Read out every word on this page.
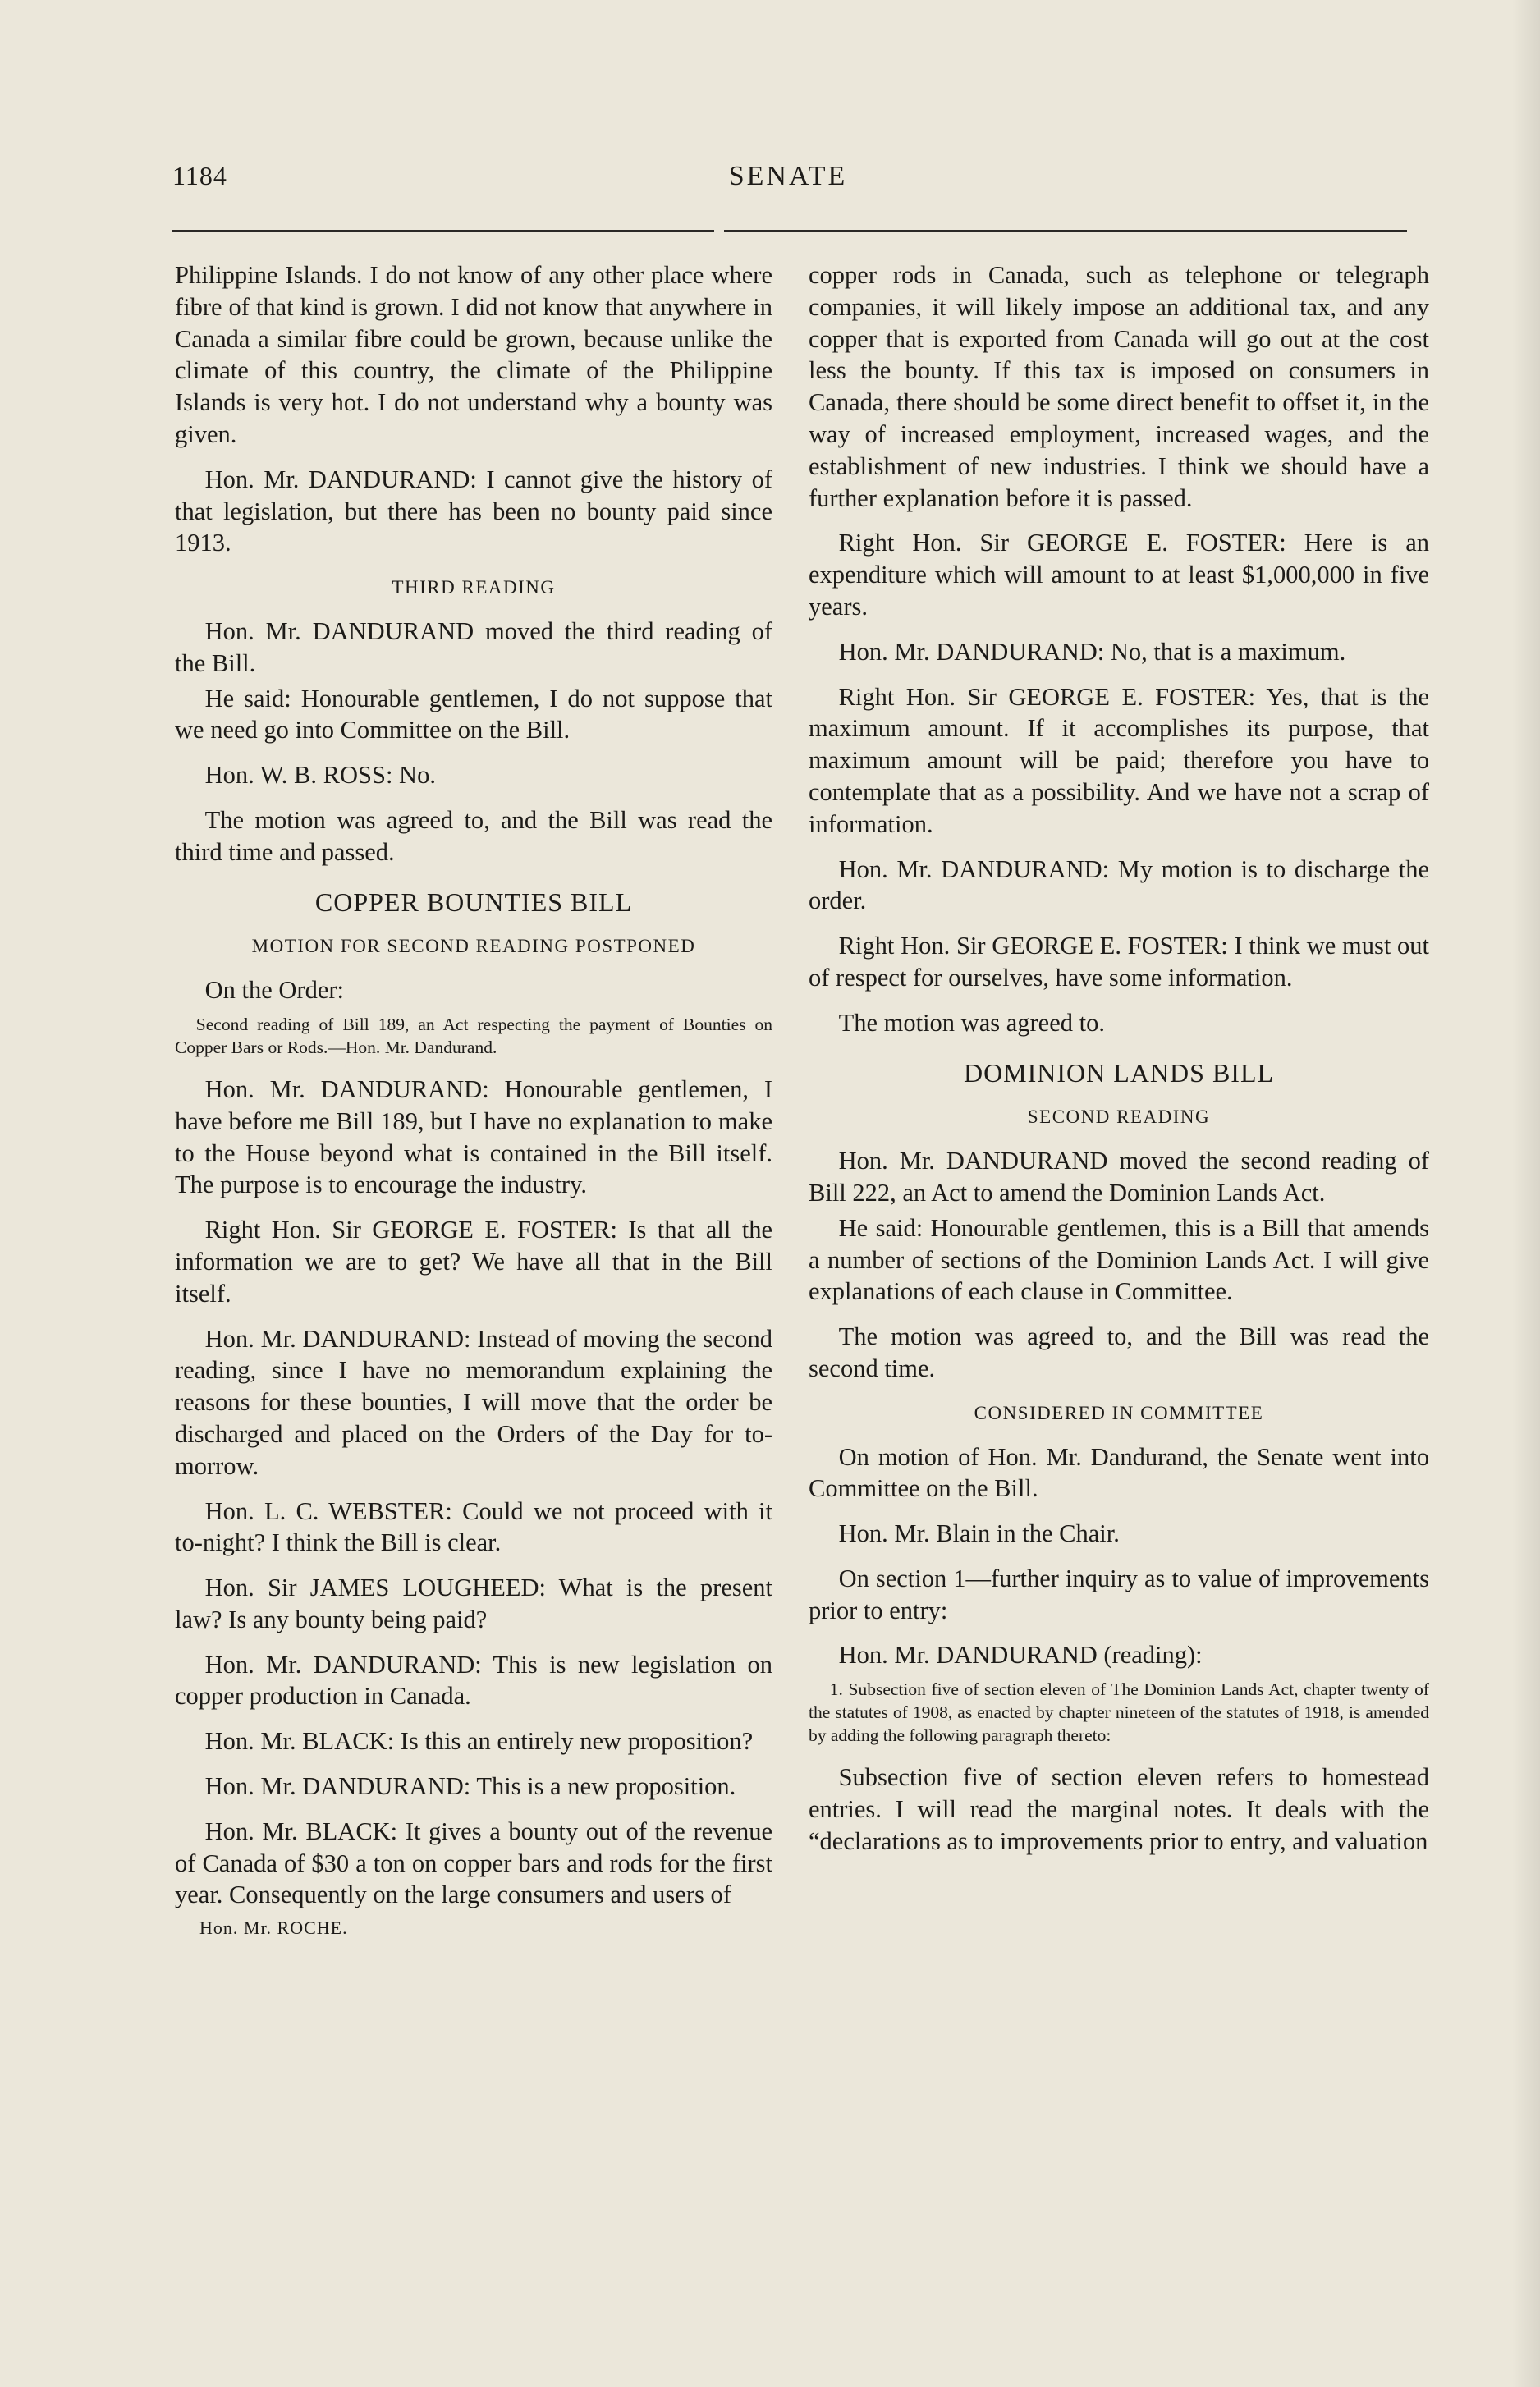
1184	SENATE

Philippine Islands. I do not know of any other place where fibre of that kind is grown. I did not know that anywhere in Canada a similar fibre could be grown, because unlike the climate of this country, the climate of the Philippine Islands is very hot. I do not understand why a bounty was given.

Hon. Mr. DANDURAND: I cannot give the history of that legislation, but there has been no bounty paid since 1913.

THIRD READING

Hon. Mr. DANDURAND moved the third reading of the Bill.

He said: Honourable gentlemen, I do not suppose that we need go into Committee on the Bill.

Hon. W. B. ROSS: No.

The motion was agreed to, and the Bill was read the third time and passed.

COPPER BOUNTIES BILL
MOTION FOR SECOND READING POSTPONED

On the Order:

Second reading of Bill 189, an Act respecting the payment of Bounties on Copper Bars or Rods.—Hon. Mr. Dandurand.

Hon. Mr. DANDURAND: Honourable gentlemen, I have before me Bill 189, but I have no explanation to make to the House beyond what is contained in the Bill itself. The purpose is to encourage the industry.

Right Hon. Sir GEORGE E. FOSTER: Is that all the information we are to get? We have all that in the Bill itself.

Hon. Mr. DANDURAND: Instead of moving the second reading, since I have no memorandum explaining the reasons for these bounties, I will move that the order be discharged and placed on the Orders of the Day for to-morrow.

Hon. L. C. WEBSTER: Could we not proceed with it to-night? I think the Bill is clear.

Hon. Sir JAMES LOUGHEED: What is the present law? Is any bounty being paid?

Hon. Mr. DANDURAND: This is new legislation on copper production in Canada.

Hon. Mr. BLACK: Is this an entirely new proposition?

Hon. Mr. DANDURAND: This is a new proposition.

Hon. Mr. BLACK: It gives a bounty out of the revenue of Canada of $30 a ton on copper bars and rods for the first year. Consequently on the large consumers and users of

Hon. Mr. ROCHE.

copper rods in Canada, such as telephone or telegraph companies, it will likely impose an additional tax, and any copper that is exported from Canada will go out at the cost less the bounty. If this tax is imposed on consumers in Canada, there should be some direct benefit to offset it, in the way of increased employment, increased wages, and the establishment of new industries. I think we should have a further explanation before it is passed.

Right Hon. Sir GEORGE E. FOSTER: Here is an expenditure which will amount to at least $1,000,000 in five years.

Hon. Mr. DANDURAND: No, that is a maximum.

Right Hon. Sir GEORGE E. FOSTER: Yes, that is the maximum amount. If it accomplishes its purpose, that maximum amount will be paid; therefore you have to contemplate that as a possibility. And we have not a scrap of information.

Hon. Mr. DANDURAND: My motion is to discharge the order.

Right Hon. Sir GEORGE E. FOSTER: I think we must out of respect for ourselves, have some information.

The motion was agreed to.

DOMINION LANDS BILL
SECOND READING

Hon. Mr. DANDURAND moved the second reading of Bill 222, an Act to amend the Dominion Lands Act.

He said: Honourable gentlemen, this is a Bill that amends a number of sections of the Dominion Lands Act. I will give explanations of each clause in Committee.

The motion was agreed to, and the Bill was read the second time.

CONSIDERED IN COMMITTEE

On motion of Hon. Mr. Dandurand, the Senate went into Committee on the Bill.

Hon. Mr. Blain in the Chair.

On section 1—further inquiry as to value of improvements prior to entry:

Hon. Mr. DANDURAND (reading):

1. Subsection five of section eleven of The Dominion Lands Act, chapter twenty of the statutes of 1908, as enacted by chapter nineteen of the statutes of 1918, is amended by adding the following paragraph thereto:

Subsection five of section eleven refers to homestead entries. I will read the marginal notes. It deals with the “declarations as to improvements prior to entry, and valuation
